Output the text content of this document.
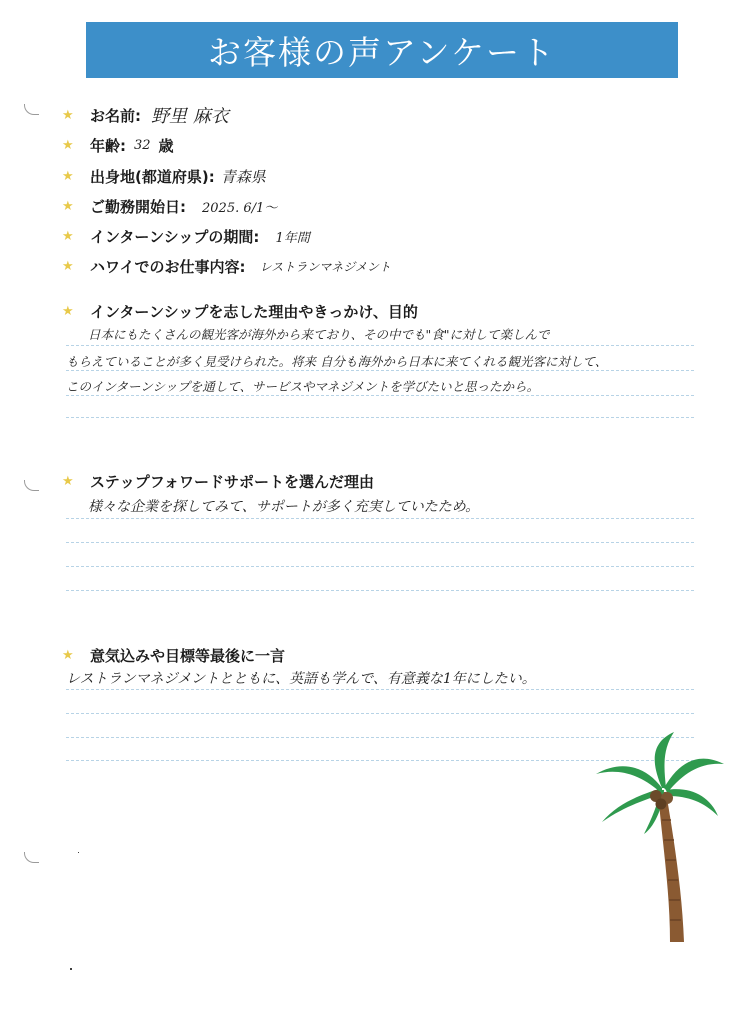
お客様の声アンケート
★	お名前: 野里 麻衣
★	年齢: 32 歳
★	出身地(都道府県): 青森県
★	ご勤務開始日: 2025. 6/1〜
★	インターンシップの期間: 1年間
★	ハワイでのお仕事内容: レストランマネジメント
★	インターンシップを志した理由やきっかけ、目的
日本にもたくさんの観光客が海外から来ており、その中でも"食"に対して楽しんで
もらえていることが多く見受けられた。将来 自分も海外から日本に来てくれる観光客に対して、
このインターンシップを通して、サービスやマネジメントを学びたいと思ったから。
★	ステップフォワードサポートを選んだ理由
様々な企業を探してみて、サポートが多く充実していたため。
★	意気込みや目標等最後に一言
レストランマネジメントとともに、英語も学んで、有意義な1年にしたい。
